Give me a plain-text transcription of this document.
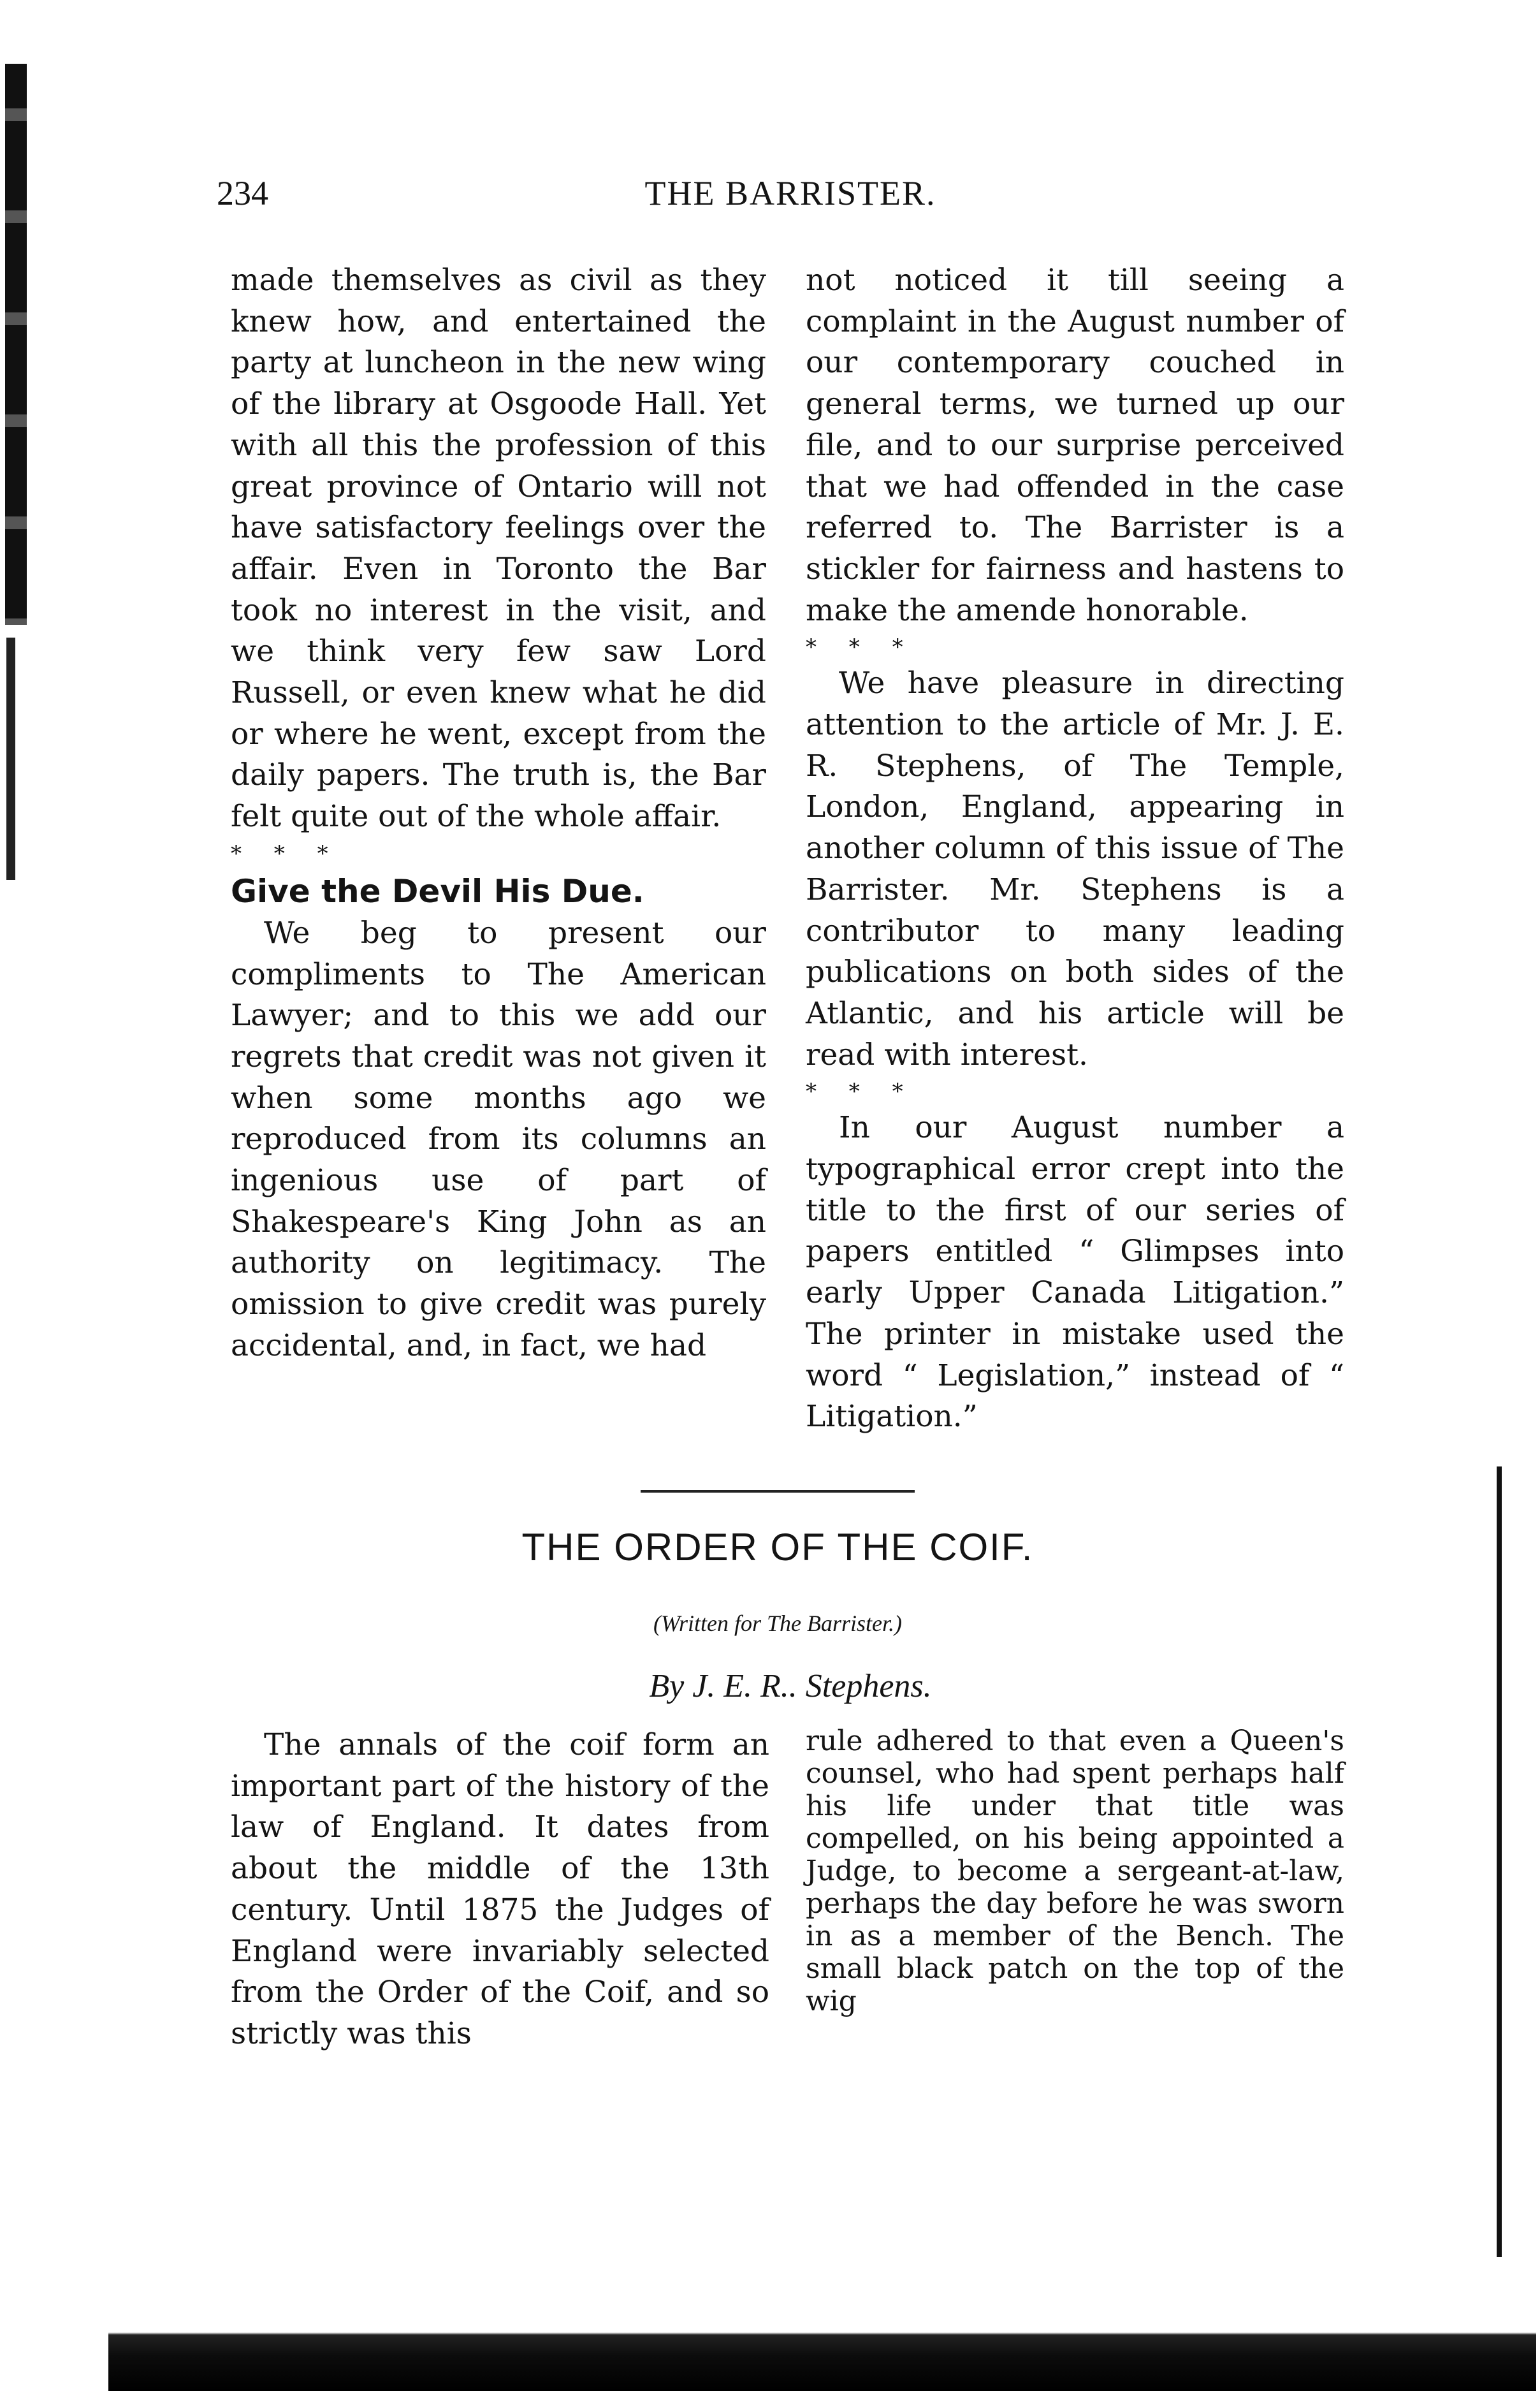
234	THE BARRISTER.

made themselves as civil as they knew how, and entertained the party at luncheon in the new wing of the library at Osgoode Hall. Yet with all this the profession of this great province of Ontario will not have satisfactory feelings over the affair. Even in Toronto the Bar took no interest in the visit, and we think very few saw Lord Russell, or even knew what he did or where he went, except from the daily papers. The truth is, the Bar felt quite out of the whole affair.

* * *

Give the Devil His Due.

We beg to present our compliments to The American Lawyer; and to this we add our regrets that credit was not given it when some months ago we reproduced from its columns an ingenious use of part of Shakespeare's King John as an authority on legitimacy. The omission to give credit was purely accidental, and, in fact, we had

not noticed it till seeing a complaint in the August number of our contemporary couched in general terms, we turned up our file, and to our surprise perceived that we had offended in the case referred to. The Barrister is a stickler for fairness and hastens to make the amende honorable.

* * *

We have pleasure in directing attention to the article of Mr. J. E. R. Stephens, of The Temple, London, England, appearing in another column of this issue of The Barrister. Mr. Stephens is a contributor to many leading publications on both sides of the Atlantic, and his article will be read with interest.

* * *

In our August number a typographical error crept into the title to the first of our series of papers entitled “ Glimpses into early Upper Canada Litigation.” The printer in mistake used the word “ Legislation,” instead of “ Litigation.”

THE ORDER OF THE COIF.
(Written for The Barrister.)
By J. E. R.. Stephens.

The annals of the coif form an important part of the history of the law of England. It dates from about the middle of the 13th century. Until 1875 the Judges of England were invariably selected from the Order of the Coif, and so strictly was this

rule adhered to that even a Queen's counsel, who had spent perhaps half his life under that title was compelled, on his being appointed a Judge, to become a sergeant-at-law, perhaps the day before he was sworn in as a member of the Bench. The small black patch on the top of the wig
